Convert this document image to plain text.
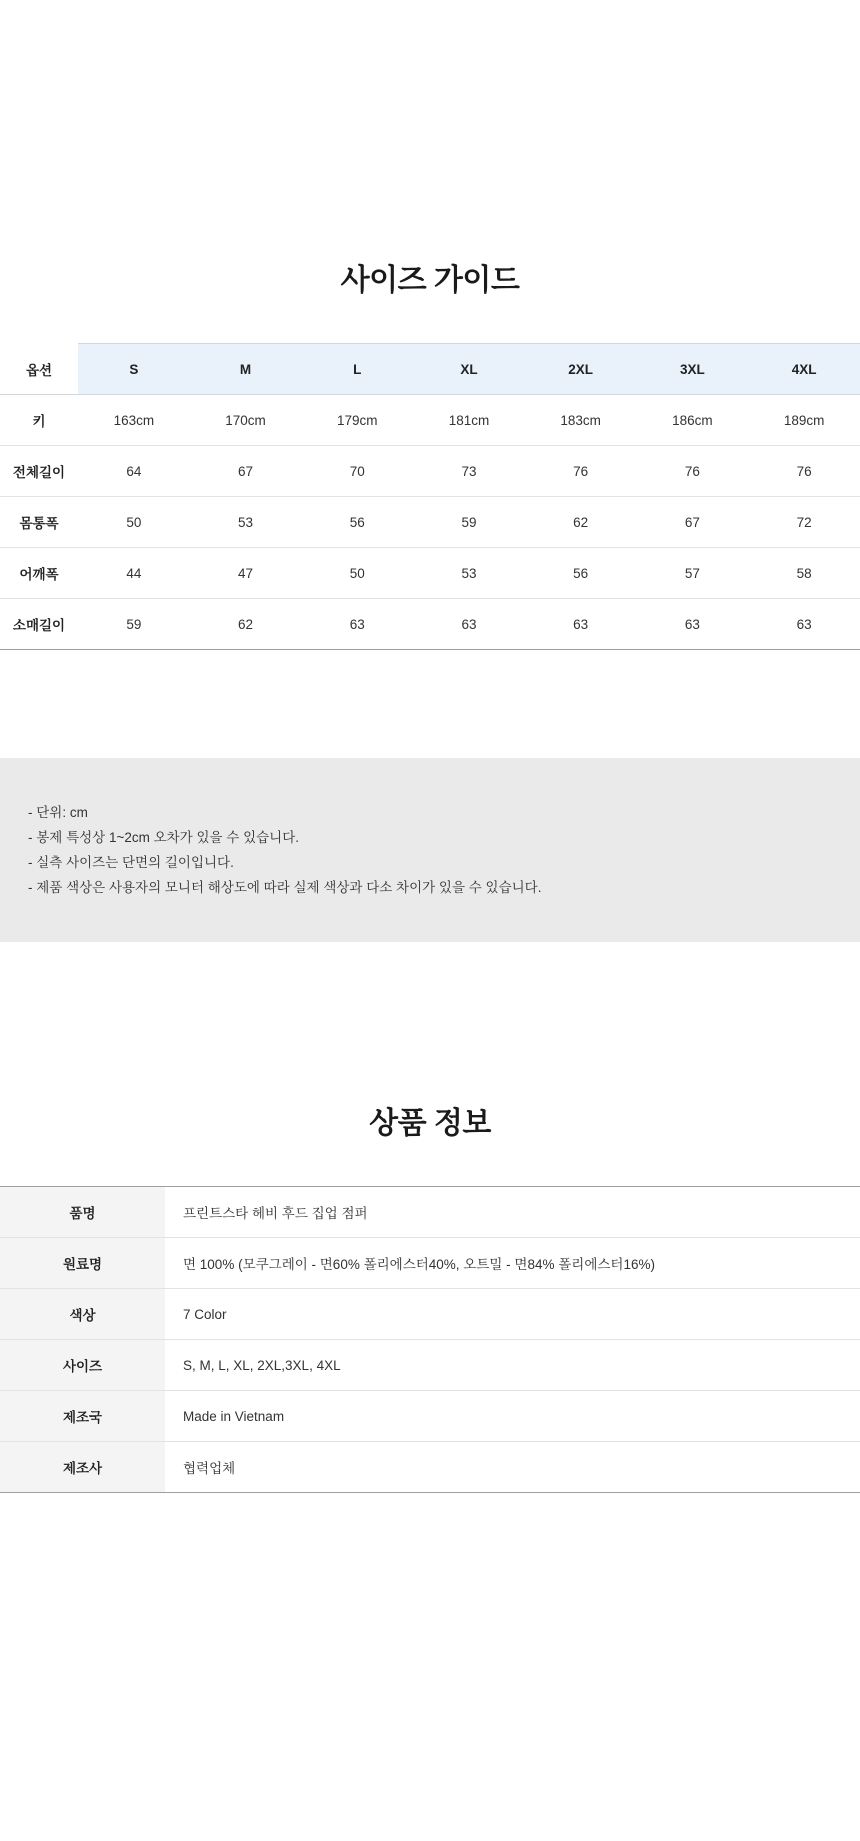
사이즈 가이드
옵션	S	M	L	XL	2XL	3XL	4XL
키	163cm	170cm	179cm	181cm	183cm	186cm	189cm
전체길이	64	67	70	73	76	76	76
몸통폭	50	53	56	59	62	67	72
어깨폭	44	47	50	53	56	57	58
소매길이	59	62	63	63	63	63	63
- 단위: cm
- 봉제 특성상 1~2cm 오차가 있을 수 있습니다.
- 실측 사이즈는 단면의 길이입니다.
- 제품 색상은 사용자의 모니터 해상도에 따라 실제 색상과 다소 차이가 있을 수 있습니다.
상품 정보
품명	프린트스타 헤비 후드 집업 점퍼
원료명	면 100% (모쿠그레이 - 면60% 폴리에스터40%, 오트밀 - 면84% 폴리에스터16%)
색상	7 Color
사이즈	S, M, L, XL, 2XL,3XL, 4XL
제조국	Made in Vietnam
제조사	협력업체
